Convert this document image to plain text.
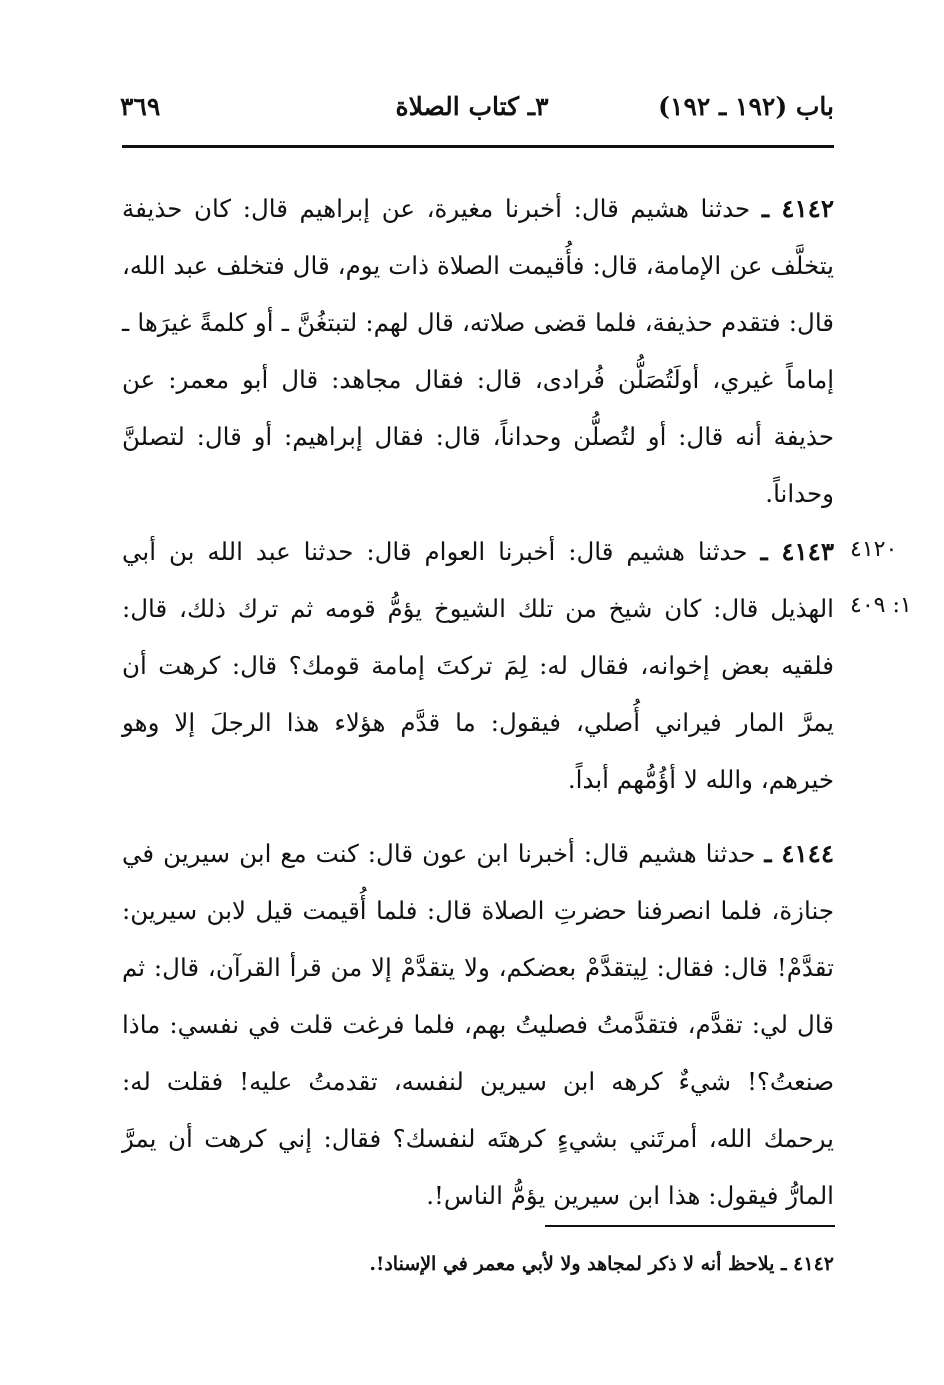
باب (١٩٢ ـ ١٩٢)
٣ـ كتاب الصلاة
٣٦٩
٤١٤٢ ـ حدثنا هشيم قال: أخبرنا مغيرة، عن إبراهيم قال: كان حذيفة يتخلَّف عن الإمامة، قال: فأُقيمت الصلاة ذات يوم، قال فتخلف عبد الله، قال: فتقدم حذيفة، فلما قضى صلاته، قال لهم: لتبتغُنَّ ـ أو كلمةً غيرَها ـ إماماً غيري، أولَتُصَلُّن فُرادى، قال: فقال مجاهد: قال أبو معمر: عن حذيفة أنه قال: أو لتُصلُّن وحداناً، قال: فقال إبراهيم: أو قال: لتصلنَّ وحداناً.
٤١٤٣ ـ حدثنا هشيم قال: أخبرنا العوام قال: حدثنا عبد الله بن أبي الهذيل قال: كان شيخ من تلك الشيوخ يؤمُّ قومه ثم ترك ذلك، قال: فلقيه بعض إخوانه، فقال له: لِمَ تركتَ إمامة قومك؟ قال: كرهت أن يمرَّ المار فيراني أُصلي، فيقول: ما قدَّم هؤلاء هذا الرجلَ إلا وهو خيرهم، والله لا أؤُمُّهم أبداً.
٤١٢٠
١: ٤٠٩
٤١٤٤ ـ حدثنا هشيم قال: أخبرنا ابن عون قال: كنت مع ابن سيرين في جنازة، فلما انصرفنا حضرتِ الصلاة قال: فلما أُقيمت قيل لابن سيرين: تقدَّمْ! قال: فقال: لِيتقدَّمْ بعضكم، ولا يتقدَّمْ إلا من قرأ القرآن، قال: ثم قال لي: تقدَّم، فتقدَّمتُ فصليتُ بهم، فلما فرغت قلت في نفسي: ماذا صنعتُ؟! شيءٌ كرهه ابن سيرين لنفسه، تقدمتُ عليه! فقلت له: يرحمك الله، أمرتَني بشيءٍ كرهتَه لنفسك؟ فقال: إني كرهت أن يمرَّ المارُّ فيقول: هذا ابن سيرين يؤمُّ الناس!.
٤١٤٢ ـ يلاحظ أنه لا ذكر لمجاهد ولا لأبي معمر في الإسناد!.
